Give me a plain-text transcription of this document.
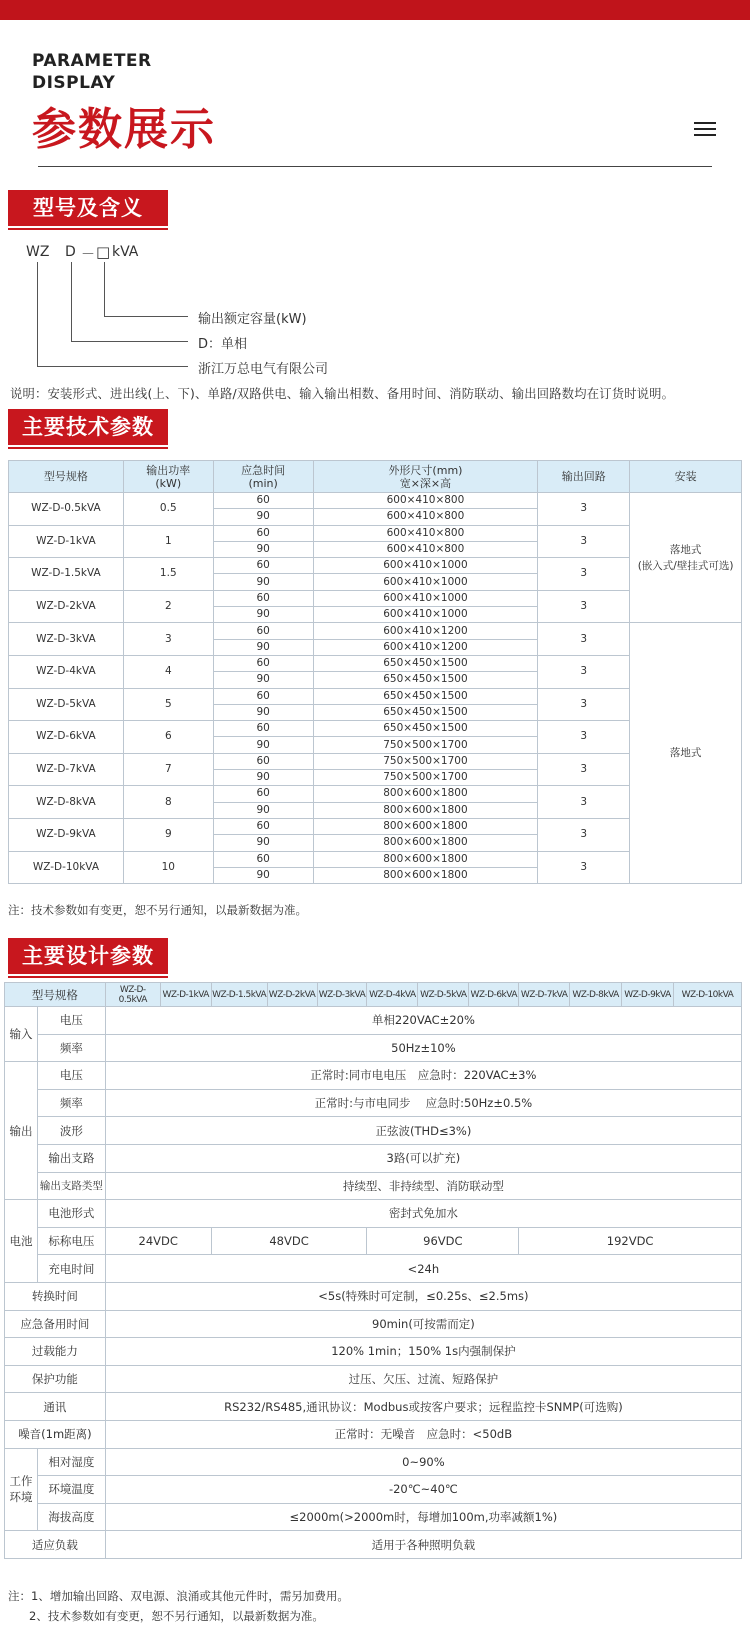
PARAMETER
DISPLAY
参数展示
型号及含义
WZ D － □ kVA
输出额定容量(kW)
D：单相
浙江万总电气有限公司
说明：安装形式、进出线(上、下)、单路/双路供电、输入输出相数、备用时间、消防联动、输出回路数均在订货时说明。
主要技术参数
型号规格	输出功率
(kW)	应急时间
(min)	外形尺寸(mm)
宽×深×高	输出回路	安装
WZ-D-0.5kVA	0.5	60	600×410×800	3	落地式
(嵌入式/壁挂式可选)
		90	600×410×800		
WZ-D-1kVA	1	60	600×410×800	3	
		90	600×410×800		
WZ-D-1.5kVA	1.5	60	600×410×1000	3	
		90	600×410×1000		
WZ-D-2kVA	2	60	600×410×1000	3	
		90	600×410×1000		
WZ-D-3kVA	3	60	600×410×1200	3	落地式
		90	600×410×1200		
WZ-D-4kVA	4	60	650×450×1500	3	
		90	650×450×1500		
WZ-D-5kVA	5	60	650×450×1500	3	
		90	650×450×1500		
WZ-D-6kVA	6	60	650×450×1500	3	
		90	750×500×1700		
WZ-D-7kVA	7	60	750×500×1700	3	
		90	750×500×1700		
WZ-D-8kVA	8	60	800×600×1800	3	
		90	800×600×1800		
WZ-D-9kVA	9	60	800×600×1800	3	
		90	800×600×1800		
WZ-D-10kVA	10	60	800×600×1800	3	
		90	800×600×1800		
注：技术参数如有变更，恕不另行通知，以最新数据为准。
主要设计参数
型号规格		WZ-D-0.5kVA	WZ-D-1kVA	WZ-D-1.5kVA	WZ-D-2kVA	WZ-D-3kVA	WZ-D-4kVA	WZ-D-5kVA	WZ-D-6kVA	WZ-D-7kVA	WZ-D-8kVA	WZ-D-9kVA	WZ-D-10kVA
输入	电压	单相220VAC±20%											
	频率	50Hz±10%											
输出	电压	正常时:同市电电压　应急时：220VAC±3%											
	频率	正常时:与市电同步　 应急时:50Hz±0.5%											
	波形	正弦波(THD≤3%)											
	输出支路	3路(可以扩充)											
	输出支路类型	持续型、非持续型、消防联动型											
电池	电池形式	密封式免加水											
	标称电压	24VDC		48VDC			96VDC			192VDC			
	充电时间	<24h											
转换时间		<5s(特殊时可定制，≤0.25s、≤2.5ms)											
应急备用时间		90min(可按需而定)											
过载能力		120% 1min；150% 1s内强制保护											
保护功能		过压、欠压、过流、短路保护											
通讯		RS232/RS485,通讯协议：Modbus或按客户要求；远程监控卡SNMP(可选购)											
噪音(1m距离)		正常时：无噪音　应急时：<50dB											
工作
环境	相对湿度	0~90%											
	环境温度	-20℃~40℃											
	海拔高度	≤2000m(>2000m时，每增加100m,功率减额1%)											
适应负载		适用于各种照明负载											
注：1、增加输出回路、双电源、浪涌或其他元件时，需另加费用。
2、技术参数如有变更，恕不另行通知，以最新数据为准。
